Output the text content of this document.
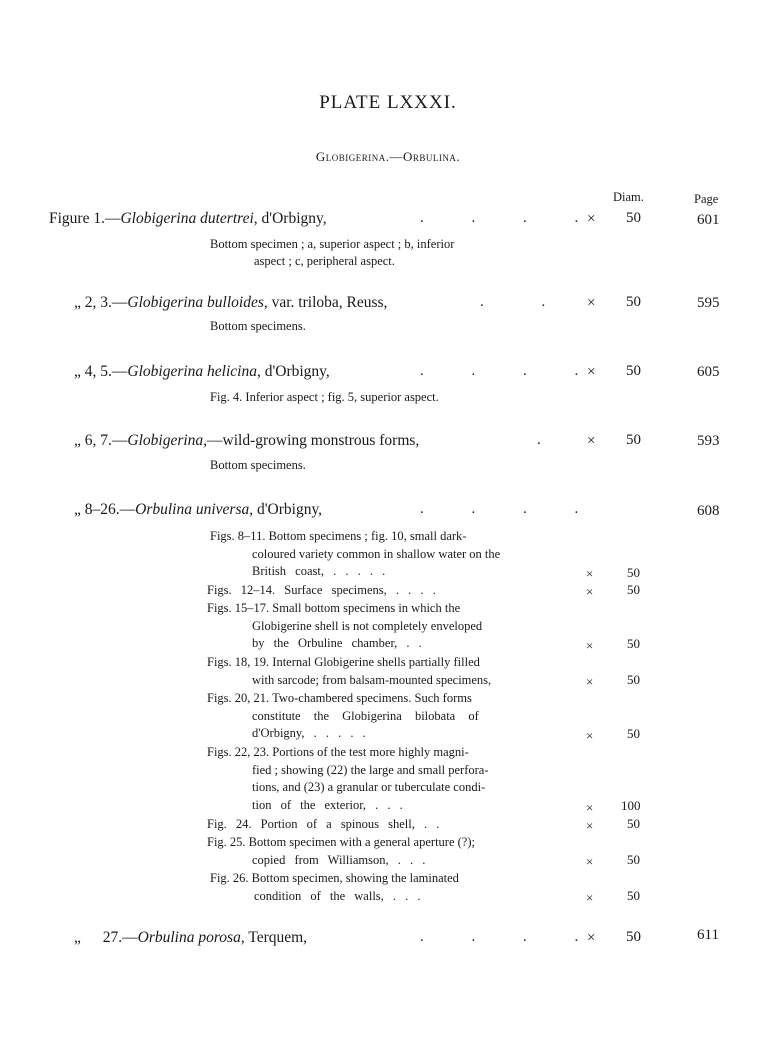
PLATE LXXXI.
Globigerina.—Orbulina.
Diam.	Page
Figure 1.—Globigerina dutertrei, d'Orbigny,	. . . . × 50	601
Bottom specimen ; a, superior aspect ; b, inferior
aspect ; c, peripheral aspect.
„ 2, 3.—Globigerina bulloides, var. triloba, Reuss,	. .	× 50	595
Bottom specimens.
„ 4, 5.—Globigerina helicina, d'Orbigny,	. . . . × 50	605
Fig. 4. Inferior aspect ; fig. 5, superior aspect.
„ 6, 7.—Globigerina,—wild-growing monstrous forms,	.	× 50	593
Bottom specimens.
„ 8–26.—Orbulina universa, d'Orbigny,	. . . .	608
Figs. 8–11. Bottom specimens ; fig. 10, small dark-
coloured variety common in shallow water on the
British coast, . . . . .	×	50
Figs. 12–14. Surface specimens, . . . .	×	50
Figs. 15–17. Small bottom specimens in which the
Globigerine shell is not completely enveloped
by the Orbuline chamber, . .	×	50
Figs. 18, 19. Internal Globigerine shells partially filled
with sarcode; from balsam-mounted specimens,	×	50
Figs. 20, 21. Two-chambered specimens. Such forms
constitute the Globigerina bilobata of
d'Orbigny, . . . . .	×	50
Figs. 22, 23. Portions of the test more highly magni-
fied ; showing (22) the large and small perfora-
tions, and (23) a granular or tuberculate condi-
tion of the exterior, . . .	× 100
Fig. 24. Portion of a spinous shell, . .	×	50
Fig. 25. Bottom specimen with a general aperture (?);
copied from Williamson, . . .	×	50
Fig. 26. Bottom specimen, showing the laminated
condition of the walls, . . .	×	50
„ 27.—Orbulina porosa, Terquem,	. . . . × 50	611
